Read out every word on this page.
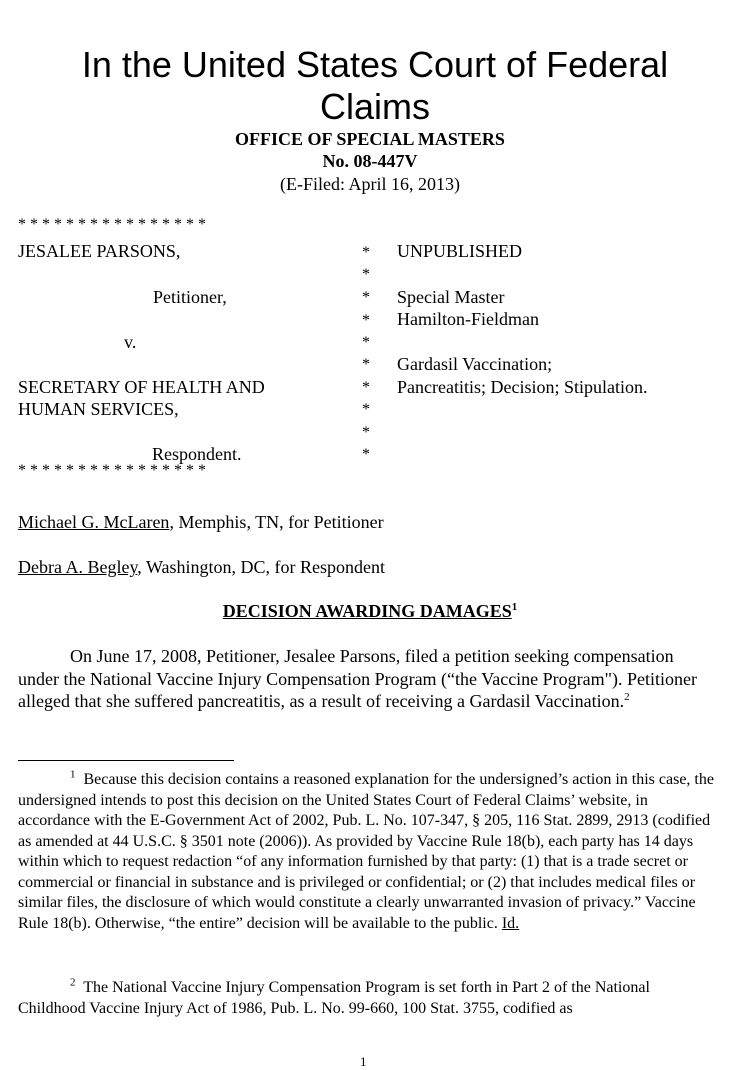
In the United States Court of Federal Claims
OFFICE OF SPECIAL MASTERS
No. 08-447V
(E-Filed: April 16, 2013)
* * * * * * * * * * * * * * * *
JESALEE PARSONS,
Petitioner,
v.
SECRETARY OF HEALTH AND
HUMAN SERVICES,
Respondent.
*
*
*
*
*
*
*
*
*
*
UNPUBLISHED
Special Master
Hamilton-Fieldman
Gardasil Vaccination;
Pancreatitis; Decision; Stipulation.
* * * * * * * * * * * * * * * *
Michael G. McLaren, Memphis, TN, for Petitioner
Debra A. Begley, Washington, DC, for Respondent
DECISION AWARDING DAMAGES$^1$
On June 17, 2008, Petitioner, Jesalee Parsons, filed a petition seeking compensation under the National Vaccine Injury Compensation Program (“the Vaccine Program"). Petitioner alleged that she suffered pancreatitis, as a result of receiving a Gardasil Vaccination.$^2$
$^1$ Because this decision contains a reasoned explanation for the undersigned’s action in this case, the undersigned intends to post this decision on the United States Court of Federal Claims’ website, in accordance with the E-Government Act of 2002, Pub. L. No. 107-347, § 205, 116 Stat. 2899, 2913 (codified as amended at 44 U.S.C. § 3501 note (2006)). As provided by Vaccine Rule 18(b), each party has 14 days within which to request redaction “of any information furnished by that party: (1) that is a trade secret or commercial or financial in substance and is privileged or confidential; or (2) that includes medical files or similar files, the disclosure of which would constitute a clearly unwarranted invasion of privacy.” Vaccine Rule 18(b). Otherwise, “the entire” decision will be available to the public. Id.
$^2$ The National Vaccine Injury Compensation Program is set forth in Part 2 of the National Childhood Vaccine Injury Act of 1986, Pub. L. No. 99-660, 100 Stat. 3755, codified as
1
